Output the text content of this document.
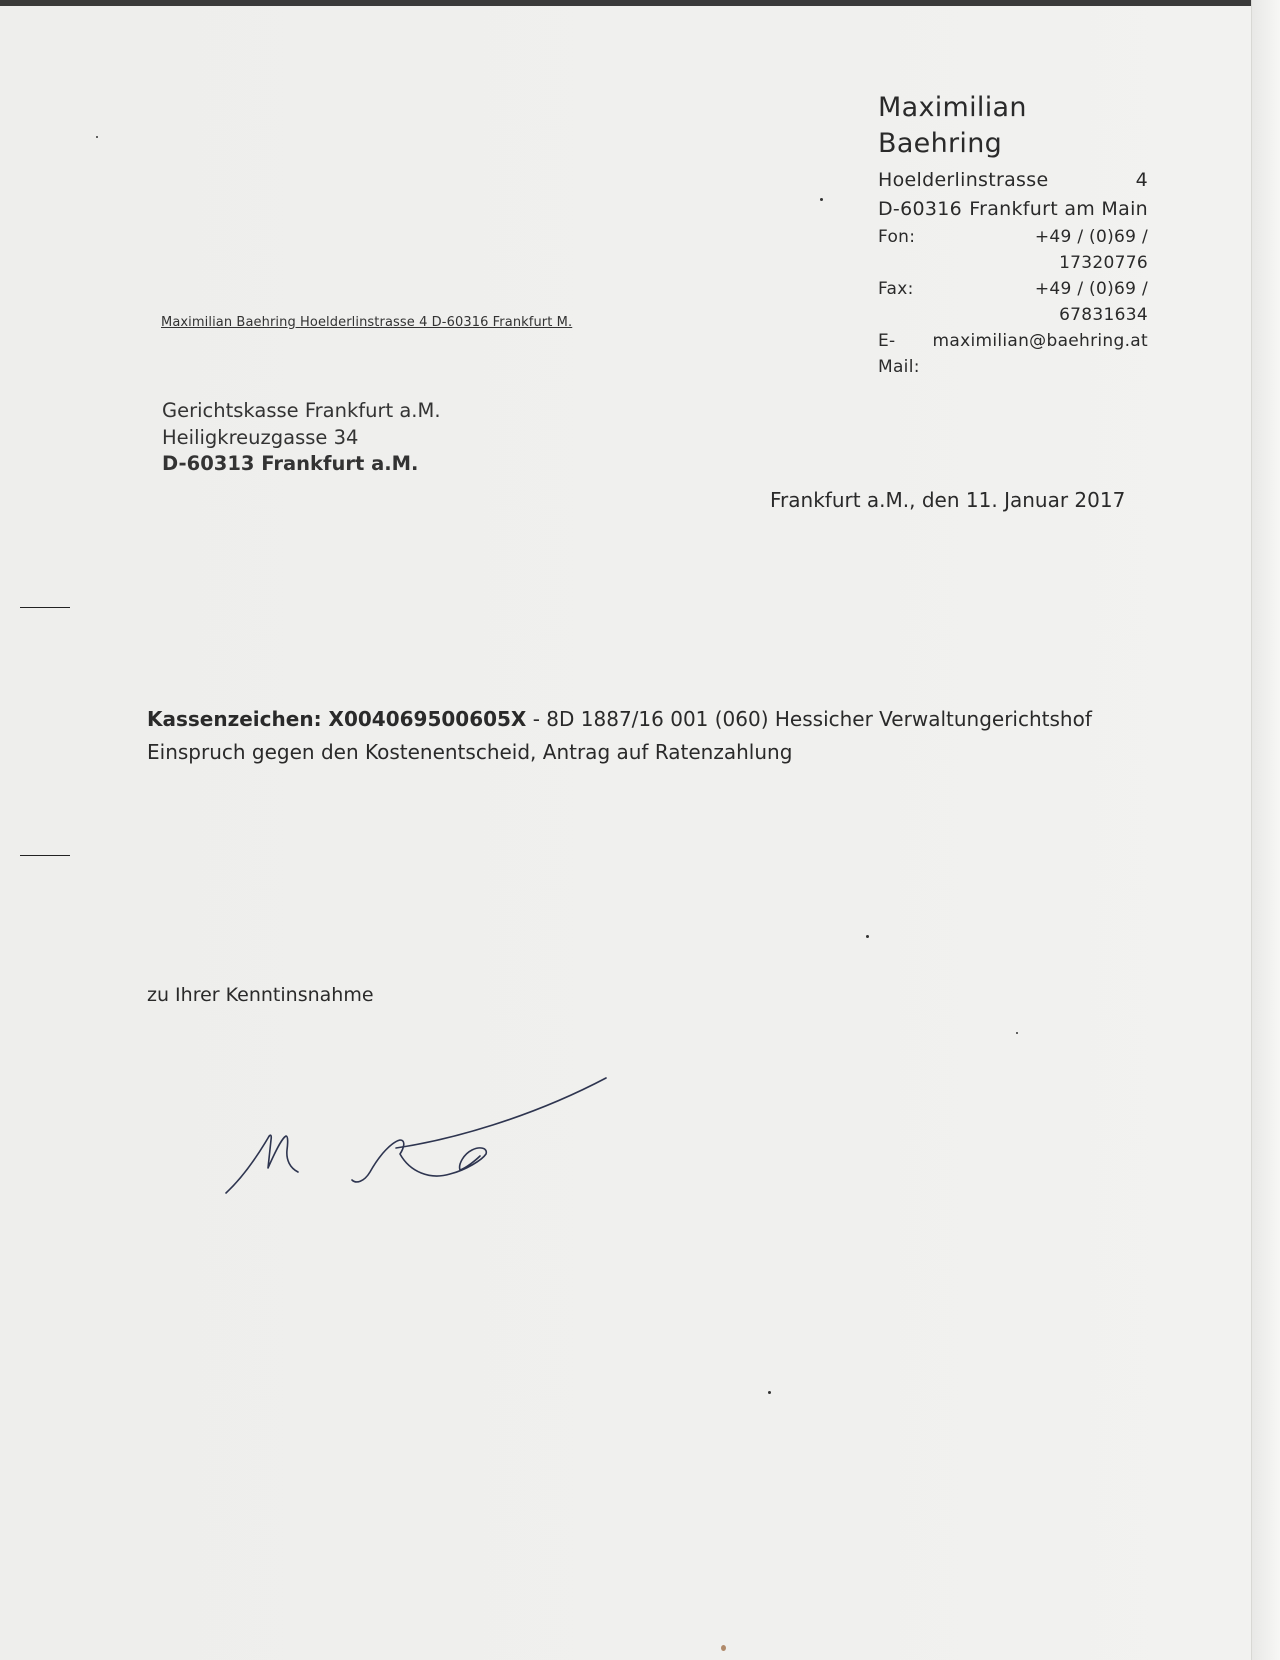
Maximilian Baehring
Hoelderlinstrasse	4
D-60316 Frankfurt am Main
Fon:	+49 / (0)69 / 17320776
Fax:	+49 / (0)69 / 67831634
E-Mail:
maximilian@baehring.at
Maximilian Baehring Hoelderlinstrasse 4 D-60316 Frankfurt M.
Gerichtskasse Frankfurt a.M.
Heiligkreuzgasse 34
D-60313 Frankfurt a.M.
Frankfurt a.M., den 11. Januar 2017
Kassenzeichen: X004069500605X - 8D 1887/16 001 (060) Hessicher Verwaltungerichtshof
Einspruch gegen den Kostenentscheid, Antrag auf Ratenzahlung
zu Ihrer Kenntinsnahme
